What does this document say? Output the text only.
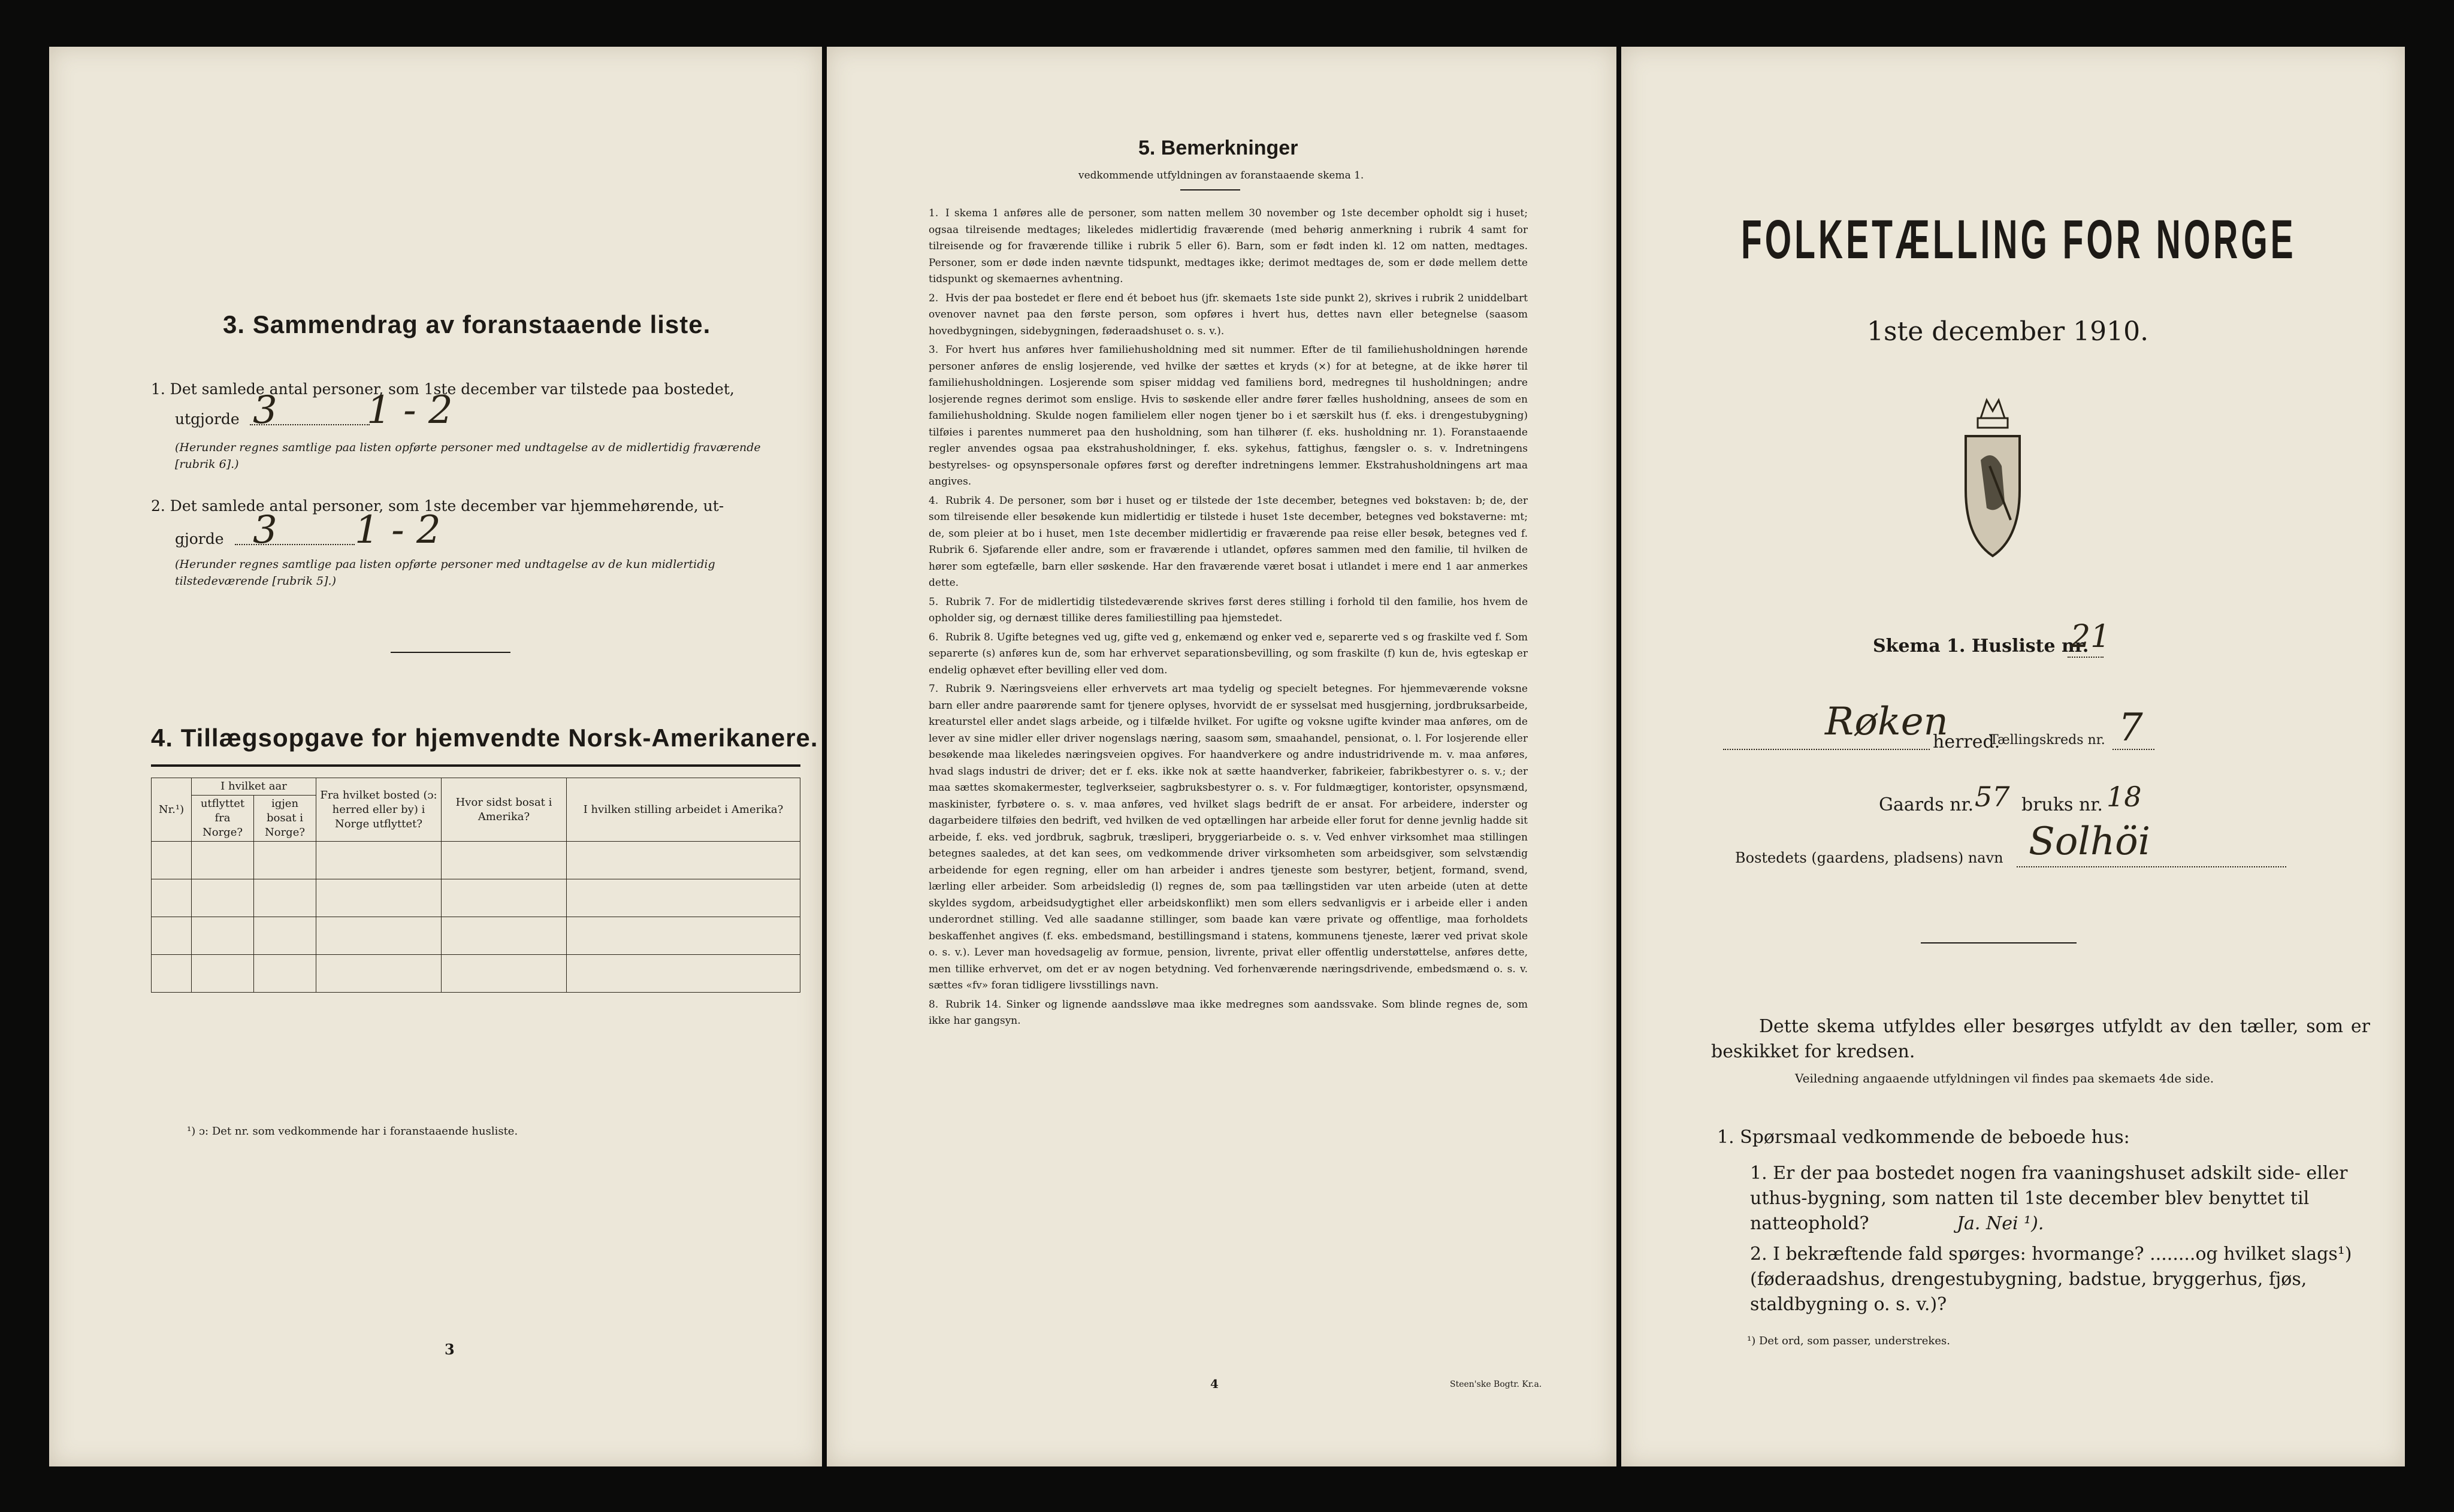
3. Sammendrag av foranstaaende liste.
1. Det samlede antal personer, som 1ste december var tilstede paa bostedet,
utgjorde 3 1 - 2
(Herunder regnes samtlige paa listen opførte personer med undtagelse av de midlertidig fraværende [rubrik 6].)
2. Det samlede antal personer, som 1ste december var hjemmehørende, ut-
gjorde 3 1 - 2
(Herunder regnes samtlige paa listen opførte personer med undtagelse av de kun midlertidig tilstedeværende [rubrik 5].)
4. Tillægsopgave for hjemvendte Norsk-Amerikanere.
Nr.¹)	I hvilket aar		Fra hvilket bosted (ɔ: herred eller by) i Norge utflyttet?	Hvor sidst bosat i Amerika?	I hvilken stilling arbeidet i Amerika?
	utflyttet fra Norge?	igjen bosat i Norge?			

¹) ɔ: Det nr. som vedkommende har i foranstaaende husliste.
3
5. Bemerkninger
vedkommende utfyldningen av foranstaaende skema 1.
1. I skema 1 anføres alle de personer, som natten mellem 30 november og 1ste december opholdt sig i huset; ogsaa tilreisende medtages; likeledes midlertidig fraværende (med behørig anmerkning i rubrik 4 samt for tilreisende og for fraværende tillike i rubrik 5 eller 6). Barn, som er født inden kl. 12 om natten, medtages. Personer, som er døde inden nævnte tidspunkt, medtages ikke; derimot medtages de, som er døde mellem dette tidspunkt og skemaernes avhentning.
2. Hvis der paa bostedet er flere end ét beboet hus (jfr. skemaets 1ste side punkt 2), skrives i rubrik 2 uniddelbart ovenover navnet paa den første person, som opføres i hvert hus, dettes navn eller betegnelse (saasom hovedbygningen, sidebygningen, føderaadshuset o. s. v.).
3. For hvert hus anføres hver familiehusholdning med sit nummer. Efter de til familiehusholdningen hørende personer anføres de enslig losjerende, ved hvilke der sættes et kryds (×) for at betegne, at de ikke hører til familiehusholdningen. Losjerende som spiser middag ved familiens bord, medregnes til husholdningen; andre losjerende regnes derimot som enslige. Hvis to søskende eller andre fører fælles husholdning, ansees de som en familiehusholdning. Skulde nogen familielem eller nogen tjener bo i et særskilt hus (f. eks. i drengestubygning) tilføies i parentes nummeret paa den husholdning, som han tilhører (f. eks. husholdning nr. 1). Foranstaaende regler anvendes ogsaa paa ekstrahusholdninger, f. eks. sykehus, fattighus, fængsler o. s. v. Indretningens bestyrelses- og opsynspersonale opføres først og derefter indretningens lemmer. Ekstrahusholdningens art maa angives.
4. Rubrik 4. De personer, som bør i huset og er tilstede der 1ste december, betegnes ved bokstaven: b; de, der som tilreisende eller besøkende kun midlertidig er tilstede i huset 1ste december, betegnes ved bokstaverne: mt; de, som pleier at bo i huset, men 1ste december midlertidig er fraværende paa reise eller besøk, betegnes ved f. Rubrik 6. Sjøfarende eller andre, som er fraværende i utlandet, opføres sammen med den familie, til hvilken de hører som egtefælle, barn eller søskende. Har den fraværende været bosat i utlandet i mere end 1 aar anmerkes dette.
5. Rubrik 7. For de midlertidig tilstedeværende skrives først deres stilling i forhold til den familie, hos hvem de opholder sig, og dernæst tillike deres familiestilling paa hjemstedet.
6. Rubrik 8. Ugifte betegnes ved ug, gifte ved g, enkemænd og enker ved e, separerte ved s og fraskilte ved f. Som separerte (s) anføres kun de, som har erhvervet separationsbevilling, og som fraskilte (f) kun de, hvis egteskap er endelig ophævet efter bevilling eller ved dom.
7. Rubrik 9. Næringsveiens eller erhvervets art maa tydelig og specielt betegnes. For hjemmeværende voksne barn eller andre paarørende samt for tjenere oplyses, hvorvidt de er sysselsat med husgjerning, jordbruksarbeide, kreaturstel eller andet slags arbeide, og i tilfælde hvilket. For ugifte og voksne ugifte kvinder maa anføres, om de lever av sine midler eller driver nogenslags næring, saasom søm, smaahandel, pensionat, o. l. For losjerende eller besøkende maa likeledes næringsveien opgives. For haandverkere og andre industridrivende m. v. maa anføres, hvad slags industri de driver; det er f. eks. ikke nok at sætte haandverker, fabrikeier, fabrikbestyrer o. s. v.; der maa sættes skomakermester, teglverkseier, sagbruksbestyrer o. s. v. For fuldmægtiger, kontorister, opsynsmænd, maskinister, fyrbøtere o. s. v. maa anføres, ved hvilket slags bedrift de er ansat. For arbeidere, inderster og dagarbeidere tilføies den bedrift, ved hvilken de ved optællingen har arbeide eller forut for denne jevnlig hadde sit arbeide, f. eks. ved jordbruk, sagbruk, træsliperi, bryggeriarbeide o. s. v. Ved enhver virksomhet maa stillingen betegnes saaledes, at det kan sees, om vedkommende driver virksomheten som arbeidsgiver, som selvstændig arbeidende for egen regning, eller om han arbeider i andres tjeneste som bestyrer, betjent, formand, svend, lærling eller arbeider. Som arbeidsledig (l) regnes de, som paa tællingstiden var uten arbeide (uten at dette skyldes sygdom, arbeidsudygtighet eller arbeidskonflikt) men som ellers sedvanligvis er i arbeide eller i anden underordnet stilling. Ved alle saadanne stillinger, som baade kan være private og offentlige, maa forholdets beskaffenhet angives (f. eks. embedsmand, bestillingsmand i statens, kommunens tjeneste, lærer ved privat skole o. s. v.). Lever man hovedsagelig av formue, pension, livrente, privat eller offentlig understøttelse, anføres dette, men tillike erhvervet, om det er av nogen betydning. Ved forhenværende næringsdrivende, embedsmænd o. s. v. sættes «fv» foran tidligere livsstillings navn.
8. Rubrik 14. Sinker og lignende aandssløve maa ikke medregnes som aandssvake. Som blinde regnes de, som ikke har gangsyn.
4	Steen'ske Bogtr. Kr.a.
FOLKETÆLLING FOR NORGE
1ste december 1910.
Skema 1. Husliste nr.
21
Røken
herred.
Tællingskreds nr. 7
Gaards nr. 57 bruks nr. 18
Bostedets (gaardens, pladsens) navn Solhöi
Dette skema utfyldes eller besørges utfyldt av den tæller, som er beskikket for kredsen.
Veiledning angaaende utfyldningen vil findes paa skemaets 4de side.
1. Spørsmaal vedkommende de beboede hus:
1. Er der paa bostedet nogen fra vaaningshuset adskilt side- eller uthus-bygning, som natten til 1ste december blev benyttet til natteophold?	Ja. Nei ¹).
2. I bekræftende fald spørges: hvormange? ........og hvilket slags¹) (føderaadshus, drengestubygning, badstue, bryggerhus, fjøs, staldbygning o. s. v.)?
¹) Det ord, som passer, understrekes.
